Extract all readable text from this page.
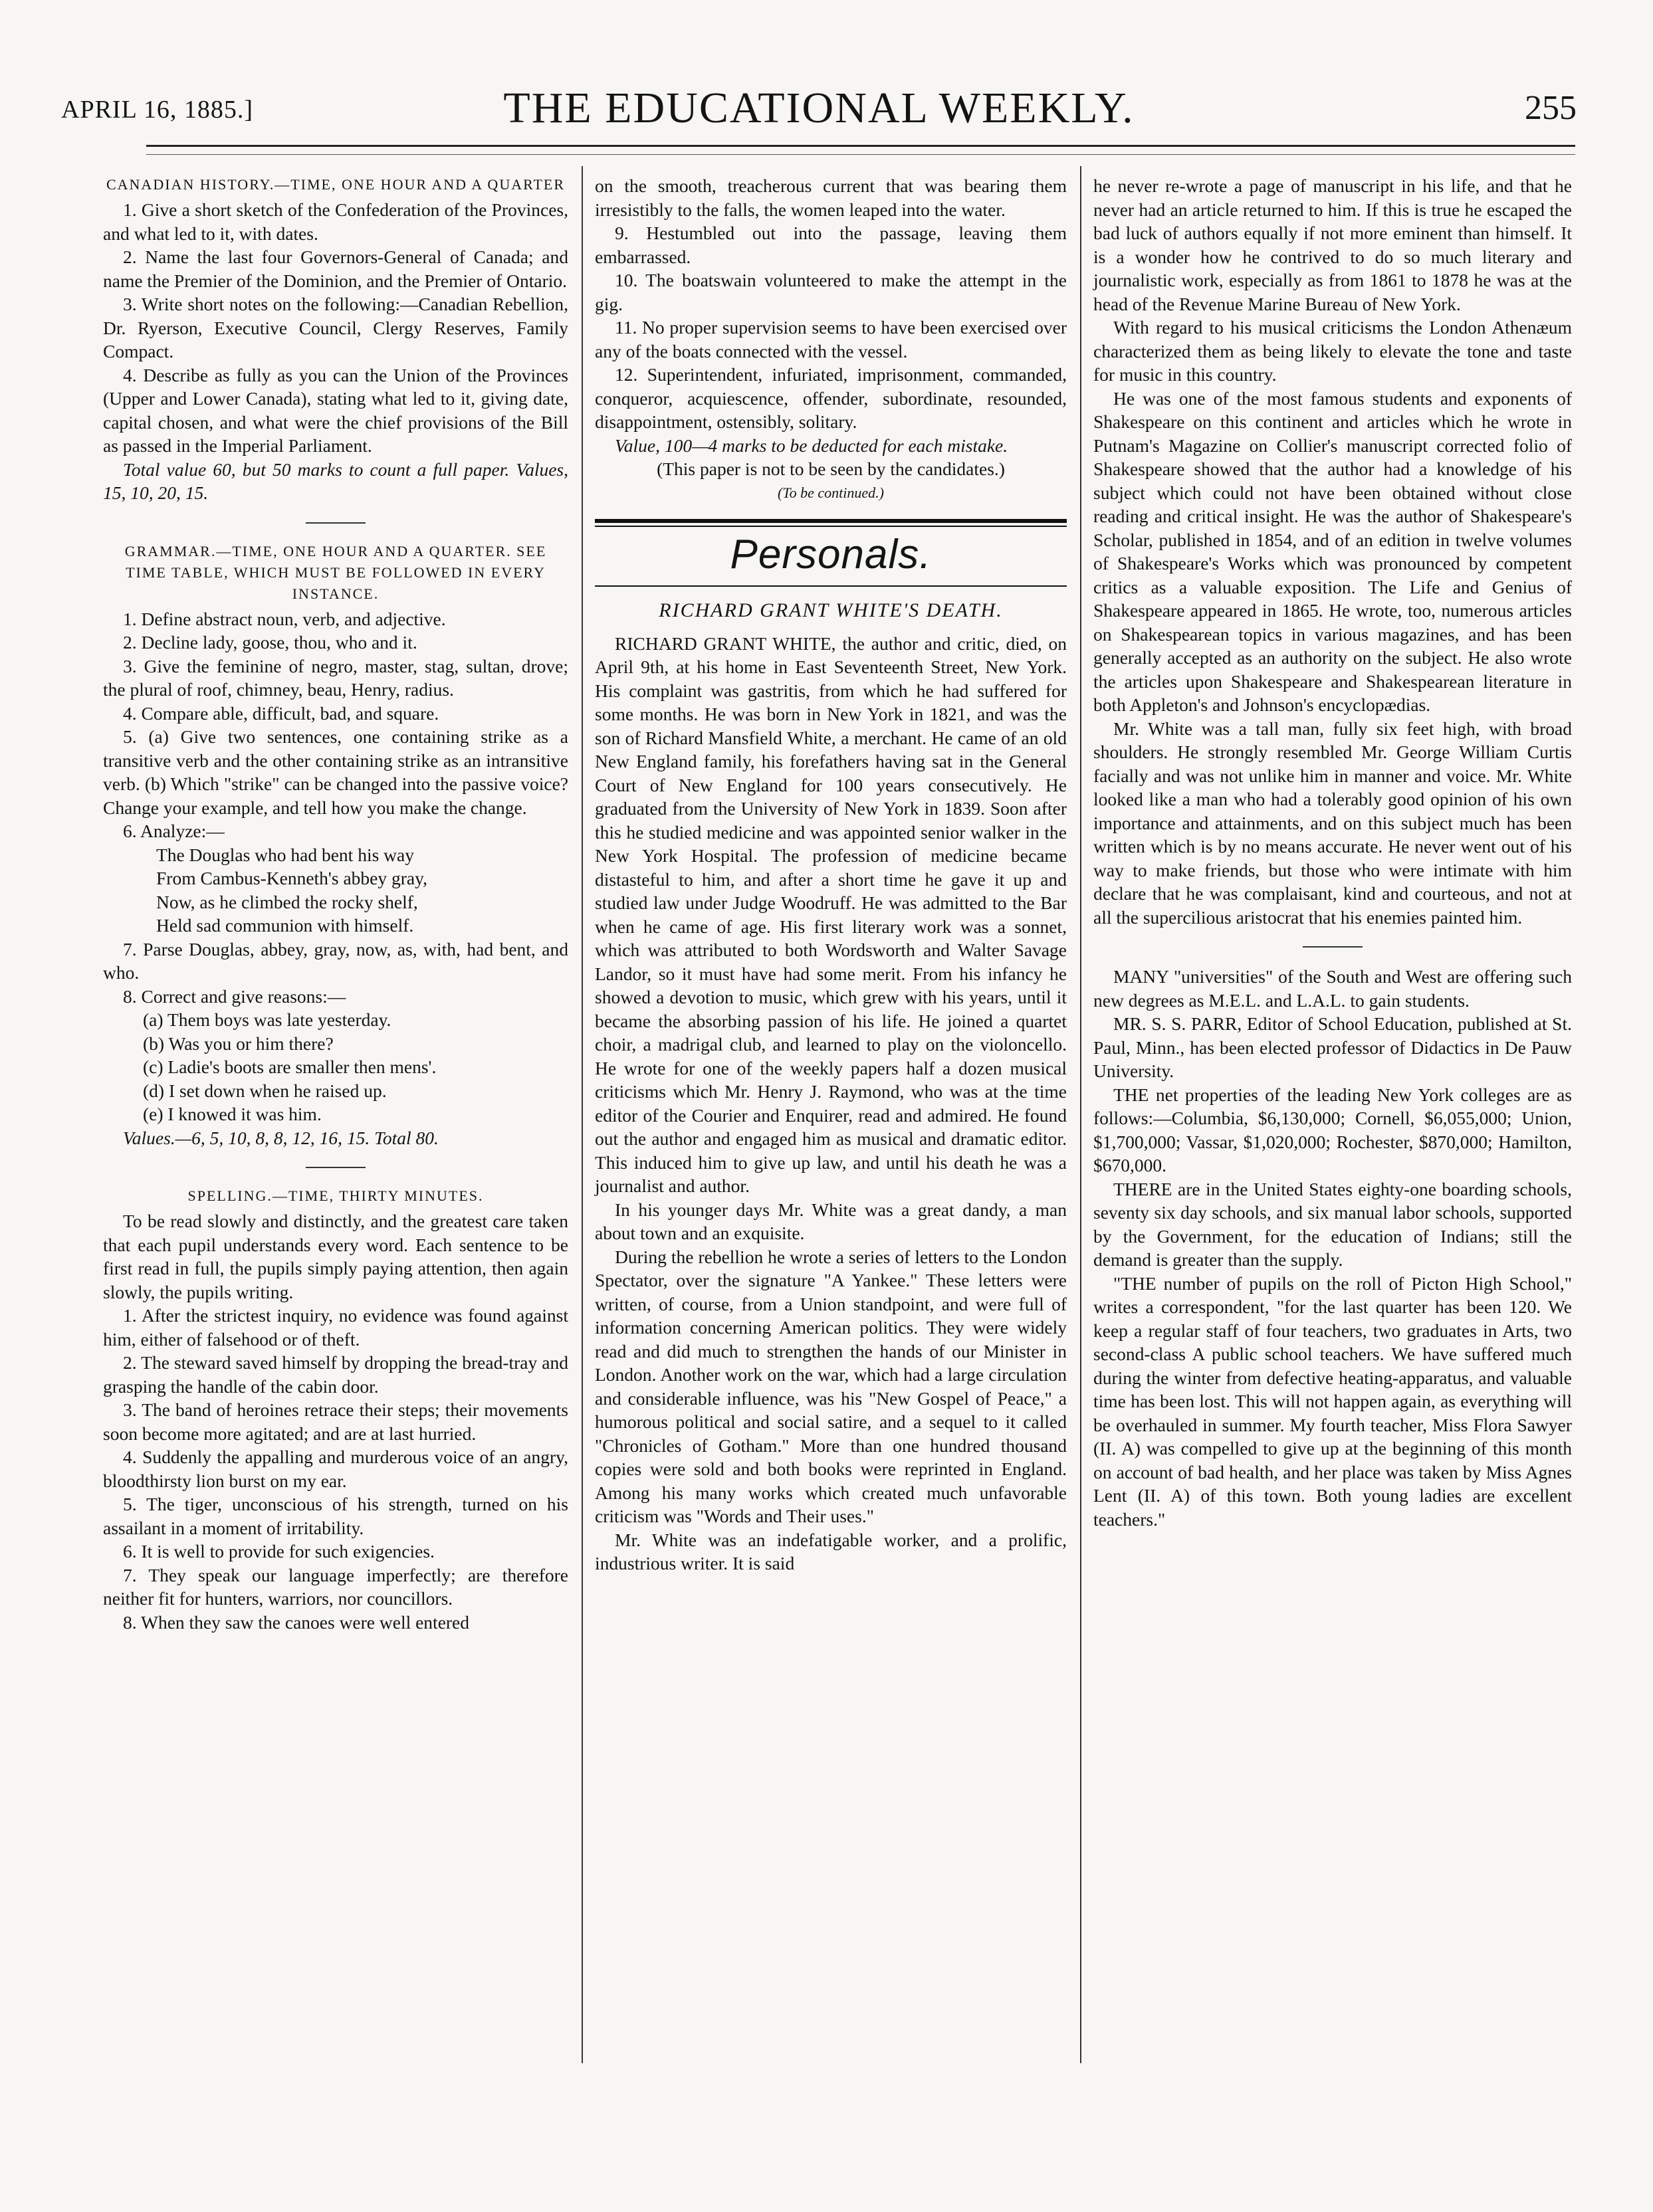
APRIL 16, 1885.]	THE EDUCATIONAL WEEKLY.	255
CANADIAN HISTORY.—TIME, ONE HOUR AND A QUARTER

1. Give a short sketch of the Confederation of the Provinces, and what led to it, with dates.

2. Name the last four Governors-General of Canada; and name the Premier of the Dominion, and the Premier of Ontario.

3. Write short notes on the following:—Canadian Rebellion, Dr. Ryerson, Executive Council, Clergy Reserves, Family Compact.

4. Describe as fully as you can the Union of the Provinces (Upper and Lower Canada), stating what led to it, giving date, capital chosen, and what were the chief provisions of the Bill as passed in the Imperial Parliament.

Total value 60, but 50 marks to count a full paper. Values, 15, 10, 20, 15.

GRAMMAR.—TIME, ONE HOUR AND A QUARTER. SEE TIME TABLE, WHICH MUST BE FOLLOWED IN EVERY INSTANCE.

1. Define abstract noun, verb, and adjective.

2. Decline lady, goose, thou, who and it.

3. Give the feminine of negro, master, stag, sultan, drove; the plural of roof, chimney, beau, Henry, radius.

4. Compare able, difficult, bad, and square.

5. (a) Give two sentences, one containing strike as a transitive verb and the other containing strike as an intransitive verb. (b) Which "strike" can be changed into the passive voice? Change your example, and tell how you make the change.

6. Analyze:—

The Douglas who had bent his way
From Cambus-Kenneth's abbey gray,
Now, as he climbed the rocky shelf,
Held sad communion with himself.

7. Parse Douglas, abbey, gray, now, as, with, had bent, and who.

8. Correct and give reasons:—

(a) Them boys was late yesterday.

(b) Was you or him there?

(c) Ladie's boots are smaller then mens'.

(d) I set down when he raised up.

(e) I knowed it was him.

Values.—6, 5, 10, 8, 8, 12, 16, 15. Total 80.

SPELLING.—TIME, THIRTY MINUTES.

To be read slowly and distinctly, and the greatest care taken that each pupil understands every word. Each sentence to be first read in full, the pupils simply paying attention, then again slowly, the pupils writing.

1. After the strictest inquiry, no evidence was found against him, either of falsehood or of theft.

2. The steward saved himself by dropping the bread-tray and grasping the handle of the cabin door.

3. The band of heroines retrace their steps; their movements soon become more agitated; and are at last hurried.

4. Suddenly the appalling and murderous voice of an angry, bloodthirsty lion burst on my ear.

5. The tiger, unconscious of his strength, turned on his assailant in a moment of irritability.

6. It is well to provide for such exigencies.

7. They speak our language imperfectly; are therefore neither fit for hunters, warriors, nor councillors.

8. When they saw the canoes were well entered

on the smooth, treacherous current that was bearing them irresistibly to the falls, the women leaped into the water.

9. Hestumbled out into the passage, leaving them embarrassed.

10. The boatswain volunteered to make the attempt in the gig.

11. No proper supervision seems to have been exercised over any of the boats connected with the vessel.

12. Superintendent, infuriated, imprisonment, commanded, conqueror, acquiescence, offender, subordinate, resounded, disappointment, ostensibly, solitary.

Value, 100—4 marks to be deducted for each mistake.

(This paper is not to be seen by the candidates.)

(To be continued.)

Personals.
RICHARD GRANT WHITE'S DEATH.

RICHARD GRANT WHITE, the author and critic, died, on April 9th, at his home in East Seventeenth Street, New York. His complaint was gastritis, from which he had suffered for some months. He was born in New York in 1821, and was the son of Richard Mansfield White, a merchant. He came of an old New England family, his forefathers having sat in the General Court of New England for 100 years consecutively. He graduated from the University of New York in 1839. Soon after this he studied medicine and was appointed senior walker in the New York Hospital. The profession of medicine became distasteful to him, and after a short time he gave it up and studied law under Judge Woodruff. He was admitted to the Bar when he came of age. His first literary work was a sonnet, which was attributed to both Wordsworth and Walter Savage Landor, so it must have had some merit. From his infancy he showed a devotion to music, which grew with his years, until it became the absorbing passion of his life. He joined a quartet choir, a madrigal club, and learned to play on the violoncello. He wrote for one of the weekly papers half a dozen musical criticisms which Mr. Henry J. Raymond, who was at the time editor of the Courier and Enquirer, read and admired. He found out the author and engaged him as musical and dramatic editor. This induced him to give up law, and until his death he was a journalist and author.

In his younger days Mr. White was a great dandy, a man about town and an exquisite.

During the rebellion he wrote a series of letters to the London Spectator, over the signature "A Yankee." These letters were written, of course, from a Union standpoint, and were full of information concerning American politics. They were widely read and did much to strengthen the hands of our Minister in London. Another work on the war, which had a large circulation and considerable influence, was his "New Gospel of Peace," a humorous political and social satire, and a sequel to it called "Chronicles of Gotham." More than one hundred thousand copies were sold and both books were reprinted in England. Among his many works which created much unfavorable criticism was "Words and Their uses."

Mr. White was an indefatigable worker, and a prolific, industrious writer. It is said

he never re-wrote a page of manuscript in his life, and that he never had an article returned to him. If this is true he escaped the bad luck of authors equally if not more eminent than himself. It is a wonder how he contrived to do so much literary and journalistic work, especially as from 1861 to 1878 he was at the head of the Revenue Marine Bureau of New York.

With regard to his musical criticisms the London Athenæum characterized them as being likely to elevate the tone and taste for music in this country.

He was one of the most famous students and exponents of Shakespeare on this continent and articles which he wrote in Putnam's Magazine on Collier's manuscript corrected folio of Shakespeare showed that the author had a knowledge of his subject which could not have been obtained without close reading and critical insight. He was the author of Shakespeare's Scholar, published in 1854, and of an edition in twelve volumes of Shakespeare's Works which was pronounced by competent critics as a valuable exposition. The Life and Genius of Shakespeare appeared in 1865. He wrote, too, numerous articles on Shakespearean topics in various magazines, and has been generally accepted as an authority on the subject. He also wrote the articles upon Shakespeare and Shakespearean literature in both Appleton's and Johnson's encyclopædias.

Mr. White was a tall man, fully six feet high, with broad shoulders. He strongly resembled Mr. George William Curtis facially and was not unlike him in manner and voice. Mr. White looked like a man who had a tolerably good opinion of his own importance and attainments, and on this subject much has been written which is by no means accurate. He never went out of his way to make friends, but those who were intimate with him declare that he was complaisant, kind and courteous, and not at all the supercilious aristocrat that his enemies painted him.

MANY "universities" of the South and West are offering such new degrees as M.E.L. and L.A.L. to gain students.

MR. S. S. PARR, Editor of School Education, published at St. Paul, Minn., has been elected professor of Didactics in De Pauw University.

THE net properties of the leading New York colleges are as follows:—Columbia, $6,130,000; Cornell, $6,055,000; Union, $1,700,000; Vassar, $1,020,000; Rochester, $870,000; Hamilton, $670,000.

THERE are in the United States eighty-one boarding schools, seventy six day schools, and six manual labor schools, supported by the Government, for the education of Indians; still the demand is greater than the supply.

"THE number of pupils on the roll of Picton High School," writes a correspondent, "for the last quarter has been 120. We keep a regular staff of four teachers, two graduates in Arts, two second-class A public school teachers. We have suffered much during the winter from defective heating-apparatus, and valuable time has been lost. This will not happen again, as everything will be overhauled in summer. My fourth teacher, Miss Flora Sawyer (II. A) was compelled to give up at the beginning of this month on account of bad health, and her place was taken by Miss Agnes Lent (II. A) of this town. Both young ladies are excellent teachers."
